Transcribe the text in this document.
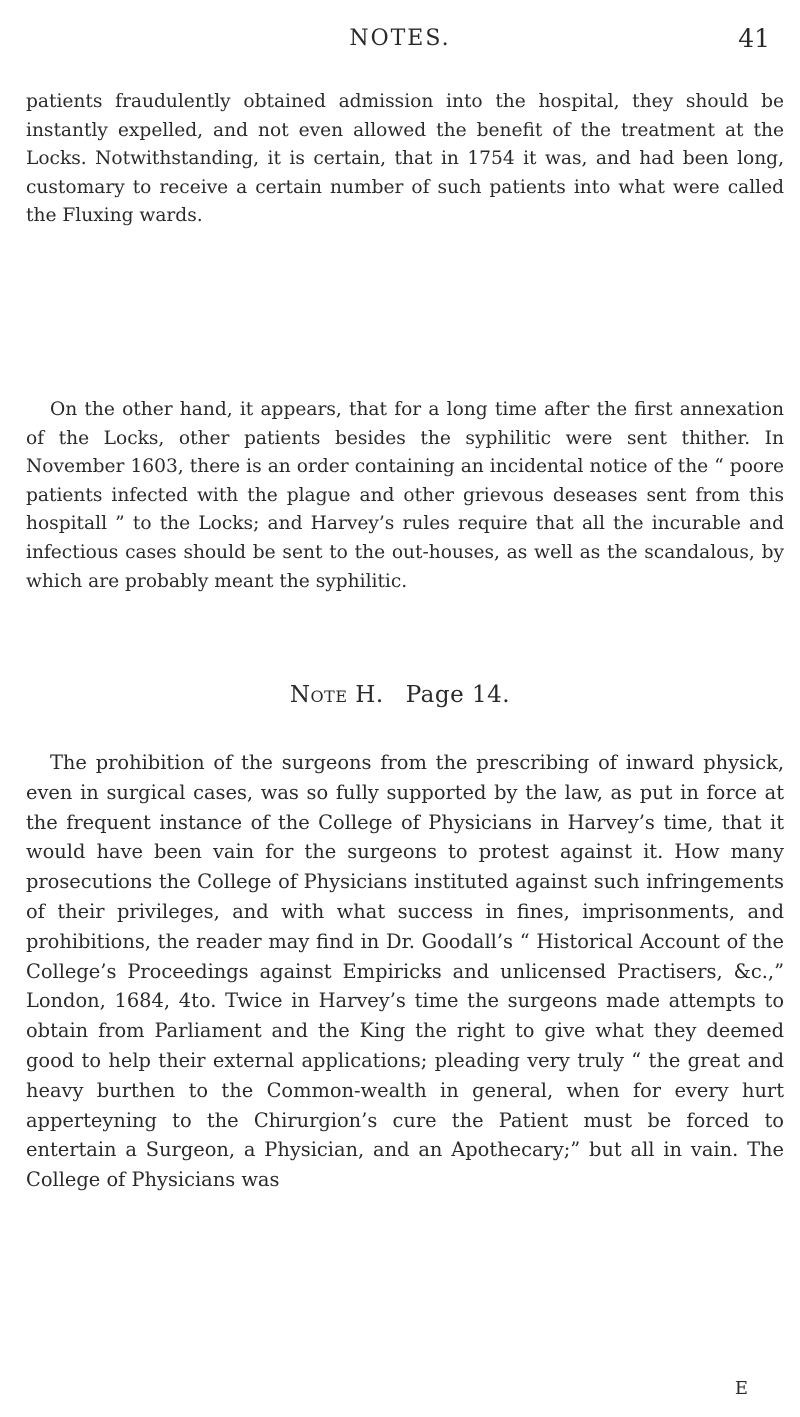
NOTES.	41

patients fraudulently obtained admission into the hospital, they should be instantly expelled, and not even allowed the benefit of the treatment at the Locks. Notwithstanding, it is certain, that in 1754 it was, and had been long, customary to receive a certain number of such patients into what were called the Fluxing wards.

On the other hand, it appears, that for a long time after the first annexation of the Locks, other patients besides the syphilitic were sent thither. In November 1603, there is an order containing an incidental notice of the “ poore patients infected with the plague and other grievous deseases sent from this hospitall ” to the Locks; and Harvey’s rules require that all the incurable and infectious cases should be sent to the out-houses, as well as the scandalous, by which are probably meant the syphilitic.

Note H. Page 14.

The prohibition of the surgeons from the prescribing of inward physick, even in surgical cases, was so fully supported by the law, as put in force at the frequent instance of the College of Physicians in Harvey’s time, that it would have been vain for the surgeons to protest against it. How many prosecutions the College of Physicians instituted against such infringements of their privileges, and with what success in fines, imprisonments, and prohibitions, the reader may find in Dr. Goodall’s “ Historical Account of the College’s Proceedings against Empiricks and unlicensed Practisers, &c.,” London, 1684, 4to. Twice in Harvey’s time the surgeons made attempts to obtain from Parliament and the King the right to give what they deemed good to help their external applications; pleading very truly “ the great and heavy burthen to the Common-wealth in general, when for every hurt apperteyning to the Chirurgion’s cure the Patient must be forced to entertain a Surgeon, a Physician, and an Apothecary;” but all in vain. The College of Physicians was

E
